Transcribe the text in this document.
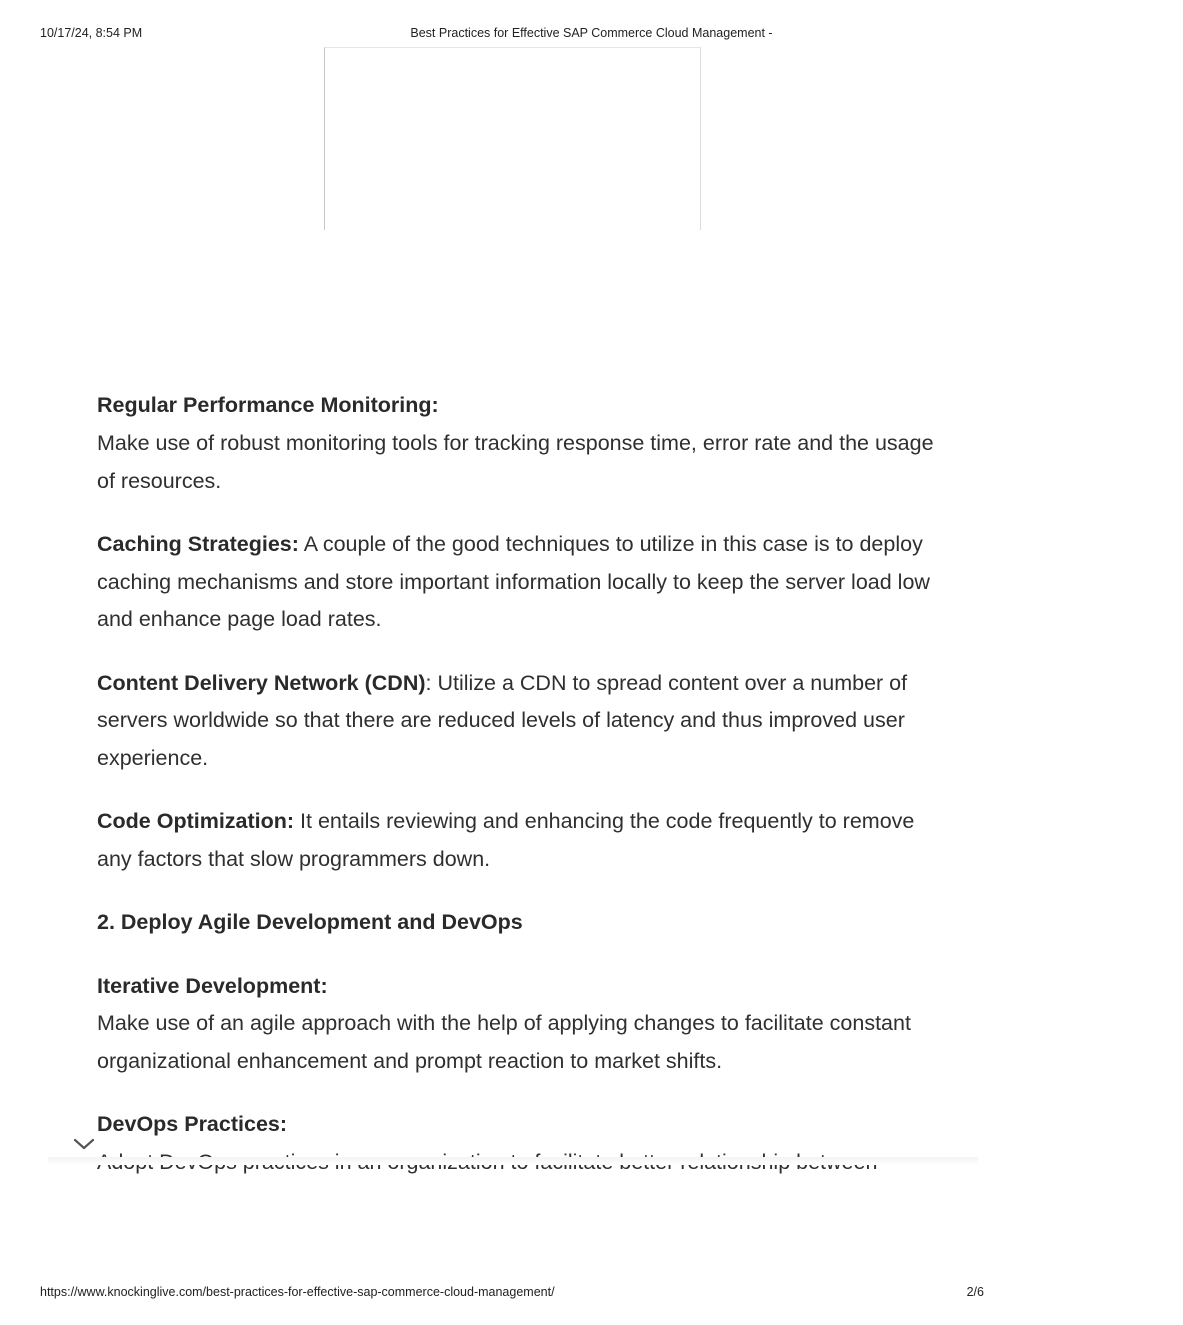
10/17/24, 8:54 PM	Best Practices for Effective SAP Commerce Cloud Management -

Regular Performance Monitoring:
Make use of robust monitoring tools for tracking response time, error rate and the usage of resources.

Caching Strategies: A couple of the good techniques to utilize in this case is to deploy caching mechanisms and store important information locally to keep the server load low and enhance page load rates.

Content Delivery Network (CDN): Utilize a CDN to spread content over a number of servers worldwide so that there are reduced levels of latency and thus improved user experience.

Code Optimization: It entails reviewing and enhancing the code frequently to remove any factors that slow programmers down.

2. Deploy Agile Development and DevOps

Iterative Development:
Make use of an agile approach with the help of applying changes to facilitate constant organizational enhancement and prompt reaction to market shifts.

DevOps Practices:

https://www.knockinglive.com/best-practices-for-effective-sap-commerce-cloud-management/	2/6
